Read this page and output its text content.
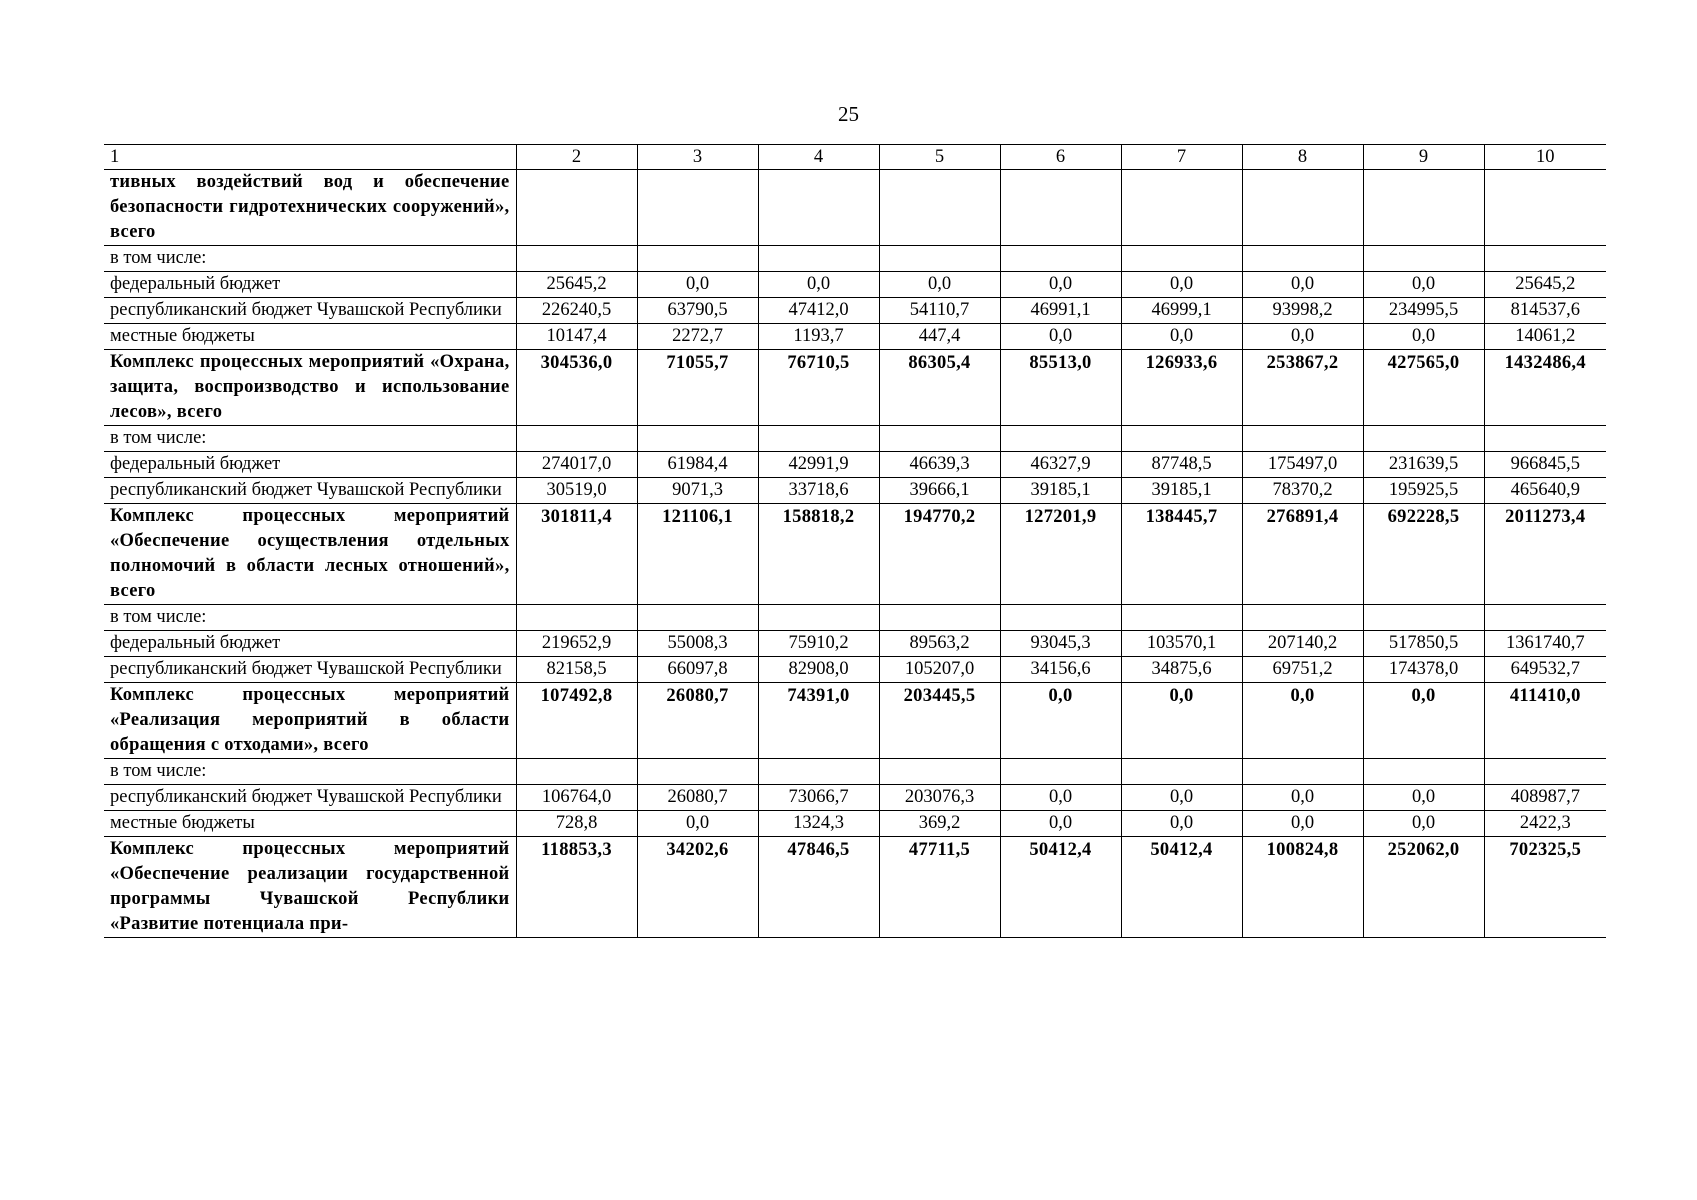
25
1	2	3	4	5	6	7	8	9	10
тивных воздействий вод и обеспечение безопасности гидротехнических сооружений», всего									
в том числе:									
федеральный бюджет	25645,2	0,0	0,0	0,0	0,0	0,0	0,0	0,0	25645,2
республиканский бюджет Чувашской Республики	226240,5	63790,5	47412,0	54110,7	46991,1	46999,1	93998,2	234995,5	814537,6
местные бюджеты	10147,4	2272,7	1193,7	447,4	0,0	0,0	0,0	0,0	14061,2
Комплекс процессных мероприятий «Охрана, защита, воспроизводство и использование лесов», всего	304536,0	71055,7	76710,5	86305,4	85513,0	126933,6	253867,2	427565,0	1432486,4
в том числе:									
федеральный бюджет	274017,0	61984,4	42991,9	46639,3	46327,9	87748,5	175497,0	231639,5	966845,5
республиканский бюджет Чувашской Республики	30519,0	9071,3	33718,6	39666,1	39185,1	39185,1	78370,2	195925,5	465640,9
Комплекс процессных мероприятий «Обеспечение осуществления отдельных полномочий в области лесных отношений», всего	301811,4	121106,1	158818,2	194770,2	127201,9	138445,7	276891,4	692228,5	2011273,4
в том числе:									
федеральный бюджет	219652,9	55008,3	75910,2	89563,2	93045,3	103570,1	207140,2	517850,5	1361740,7
республиканский бюджет Чувашской Республики	82158,5	66097,8	82908,0	105207,0	34156,6	34875,6	69751,2	174378,0	649532,7
Комплекс процессных мероприятий «Реализация мероприятий в области обращения с отходами», всего	107492,8	26080,7	74391,0	203445,5	0,0	0,0	0,0	0,0	411410,0
в том числе:									
республиканский бюджет Чувашской Республики	106764,0	26080,7	73066,7	203076,3	0,0	0,0	0,0	0,0	408987,7
местные бюджеты	728,8	0,0	1324,3	369,2	0,0	0,0	0,0	0,0	2422,3
Комплекс процессных мероприятий «Обеспечение реализации государственной программы Чувашской Республики «Развитие потенциала при-	118853,3	34202,6	47846,5	47711,5	50412,4	50412,4	100824,8	252062,0	702325,5
